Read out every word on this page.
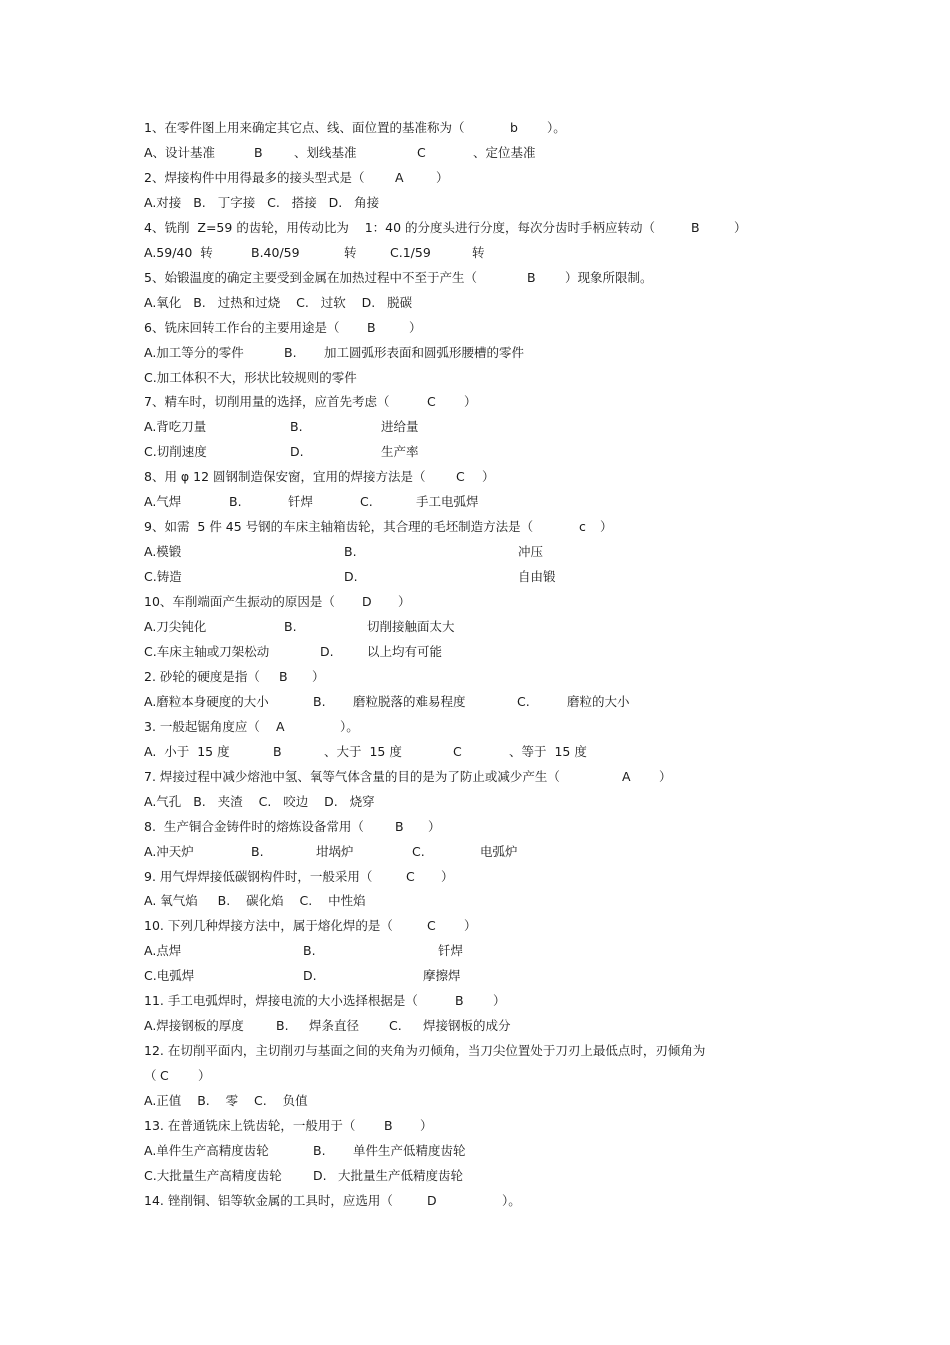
1、在零件图上用来确定其它点、线、面位置的基准称为（	b ）。
A、设计基准	B	、划线基准	C	、定位基准
2、焊接构件中用得最多的接头型式是（ A	）
A.对接   B.   丁字接   C.   搭接   D.   角接
4、铣削  Z=59 的齿轮，用传动比为    1：40 的分度头进行分度，每次分齿时手柄应转动（	B	）
A.59/40  转	B.40/59	转	C.1/59	转
5、始锻温度的确定主要受到金属在加热过程中不至于产生（	B ）现象所限制。
A.氧化   B.   过热和过烧    C.   过软    D.   脱碳
6、铣床回转工作台的主要用途是（ B	）
A.加工等分的零件	B. 加工圆弧形表面和圆弧形腰槽的零件
C.加工体积不大，形状比较规则的零件
7、精车时，切削用量的选择，应首先考虑（	C ）
A.背吃刀量	B.	进给量
C.切削速度	D.	生产率
8、用 φ 12 圆钢制造保安窗，宜用的焊接方法是（ C ）
A.气焊	B.	钎焊	C.	手工电弧焊
9、如需  5 件 45 号钢的车床主轴箱齿轮，其合理的毛坯制造方法是（	c ）
A.模锻	B.	冲压
C.铸造	D.	自由锻
10、车削端面产生振动的原因是（ D ）
A.刀尖钝化	B.	切削接触面太大
C.车床主轴或刀架松动	D.	以上均有可能
2. 砂轮的硬度是指（ B ）
A.磨粒本身硬度的大小	B. 磨粒脱落的难易程度	C.	磨粒的大小
3. 一般起锯角度应（ A	）。
A.  小于  15 度	B	、大于  15 度	C	、等于  15 度
7. 焊接过程中减少熔池中氢、氧等气体含量的目的是为了防止或减少产生（	A ）
A.气孔   B.   夹渣    C.   咬边    D.   烧穿
8.  生产铜合金铸件时的熔炼设备常用（ B ）
A.冲天炉	B.	坩埚炉	C.	电弧炉
9. 用气焊焊接低碳钢构件时，一般采用（	C ）
A. 氧气焰     B.    碳化焰    C.    中性焰
10. 下列几种焊接方法中，属于熔化焊的是（	C ）
A.点焊	B.	钎焊
C.电弧焊	D.	摩擦焊
11. 手工电弧焊时，焊接电流的大小选择根据是（	B ）
A.焊接钢板的厚度	B. 焊条直径 C. 焊接钢板的成分
12. 在切削平面内，主切削刃与基面之间的夹角为刃倾角，当刀尖位置处于刀刃上最低点时，刃倾角为
（ C ）
A.正值    B.    零    C.    负值
13. 在普通铣床上铣齿轮，一般用于（ B ）
A.单件生产高精度齿轮	B. 单件生产低精度齿轮
C.大批量生产高精度齿轮	D. 大批量生产低精度齿轮
14. 锉削铜、铝等软金属的工具时，应选用（	D	）。
